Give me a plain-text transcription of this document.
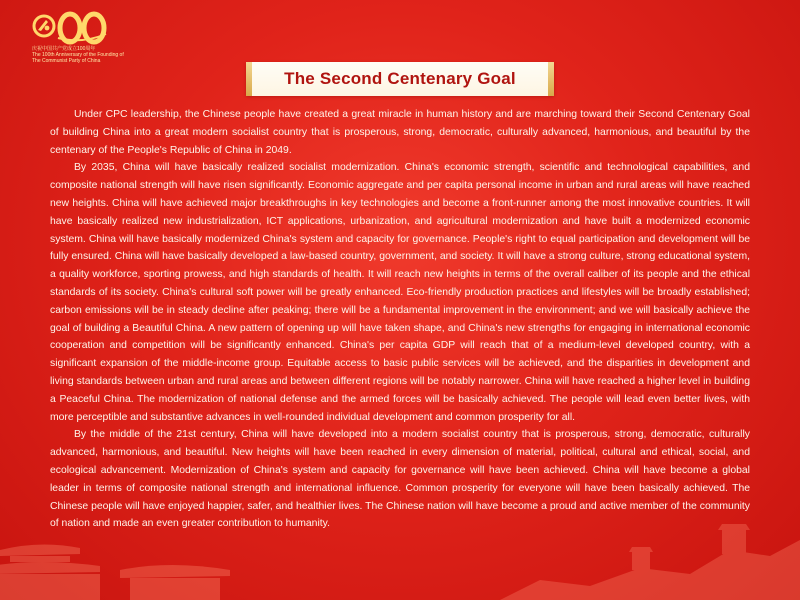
庆祝中国共产党成立100周年
The 100th Anniversary of the Founding of
The Communist Party of China
The Second Centenary Goal

Under CPC leadership, the Chinese people have created a great miracle in human history and are marching toward their Second Centenary Goal of building China into a great modern socialist country that is prosperous, strong, democratic, culturally advanced, harmonious, and beautiful by the centenary of the People's Republic of China in 2049.

By 2035, China will have basically realized socialist modernization. China's economic strength, scientific and technological capabilities, and composite national strength will have risen significantly. Economic aggregate and per capita personal income in urban and rural areas will have reached new heights. China will have achieved major breakthroughs in key technologies and become a front-runner among the most innovative countries. It will have basically realized new industrialization, ICT applications, urbanization, and agricultural modernization and have built a modernized economic system. China will have basically modernized China's system and capacity for governance. People's right to equal participation and development will be fully ensured. China will have basically developed a law-based country, government, and society. It will have a strong culture, strong educational system, a quality workforce, sporting prowess, and high standards of health. It will reach new heights in terms of the overall caliber of its people and the ethical standards of its society. China's cultural soft power will be greatly enhanced. Eco-friendly production practices and lifestyles will be broadly established; carbon emissions will be in steady decline after peaking; there will be a fundamental improvement in the environment; and we will basically achieve the goal of building a Beautiful China. A new pattern of opening up will have taken shape, and China's new strengths for engaging in international economic cooperation and competition will be significantly enhanced. China's per capita GDP will reach that of a medium-level developed country, with a significant expansion of the middle-income group. Equitable access to basic public services will be achieved, and the disparities in development and living standards between urban and rural areas and between different regions will be notably narrower. China will have reached a higher level in building a Peaceful China. The modernization of national defense and the armed forces will be basically achieved. The people will lead even better lives, with more perceptible and substantive advances in well-rounded individual development and common prosperity for all.

By the middle of the 21st century, China will have developed into a modern socialist country that is prosperous, strong, democratic, culturally advanced, harmonious, and beautiful. New heights will have been reached in every dimension of material, political, cultural and ethical, social, and ecological advancement. Modernization of China's system and capacity for governance will have been achieved. China will have become a global leader in terms of composite national strength and international influence. Common prosperity for everyone will have been basically achieved. The Chinese people will have enjoyed happier, safer, and healthier lives. The Chinese nation will have become a proud and active member of the community of nation and made an even greater contribution to humanity.
